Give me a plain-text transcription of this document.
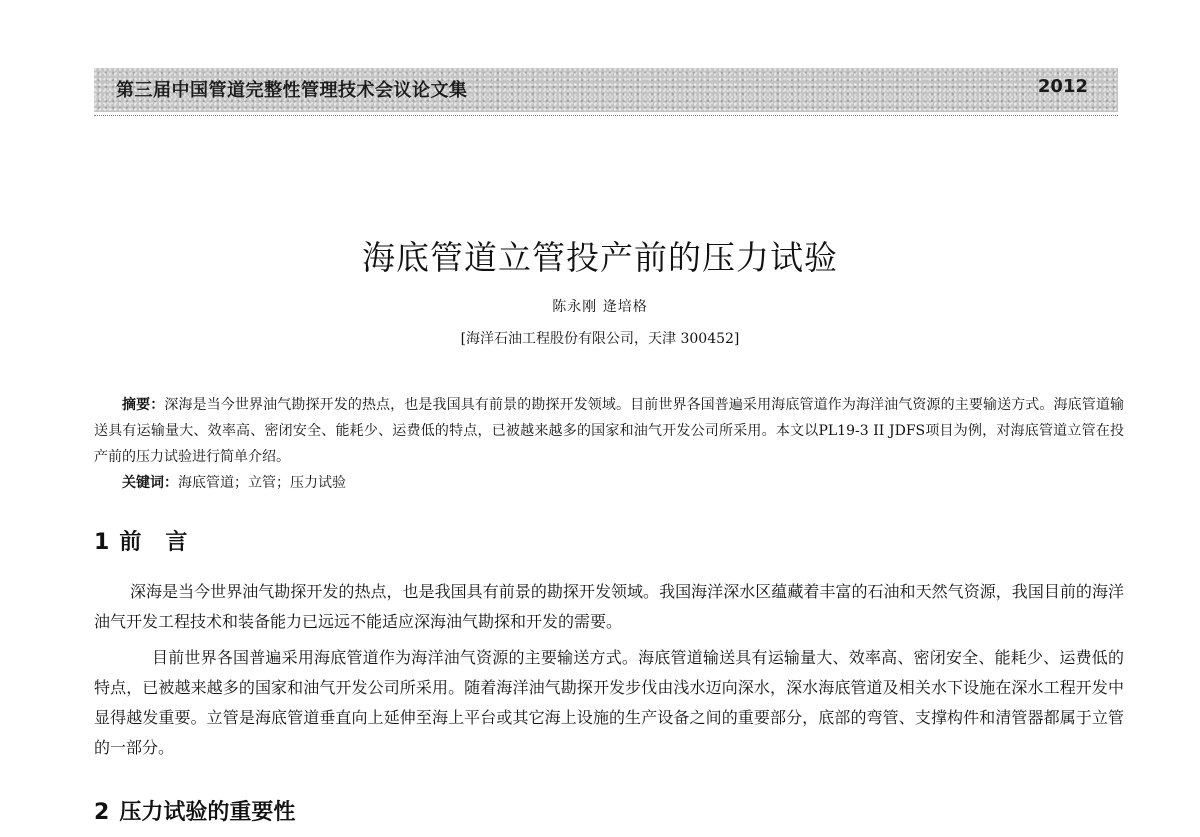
第三届中国管道完整性管理技术会议论文集	2012
海底管道立管投产前的压力试验
陈永刚 逄培格
[海洋石油工程股份有限公司，天津 300452]
摘要：深海是当今世界油气勘探开发的热点，也是我国具有前景的勘探开发领域。目前世界各国普遍采用海底管道作为海洋油气资源的主要输送方式。海底管道输送具有运输量大、效率高、密闭安全、能耗少、运费低的特点，已被越来越多的国家和油气开发公司所采用。本文以PL19-3 II JDFS项目为例，对海底管道立管在投产前的压力试验进行简单介绍。
关键词：海底管道；立管；压力试验
1 前言
深海是当今世界油气勘探开发的热点，也是我国具有前景的勘探开发领域。我国海洋深水区蕴藏着丰富的石油和天然气资源，我国目前的海洋油气开发工程技术和装备能力已远远不能适应深海油气勘探和开发的需要。
目前世界各国普遍采用海底管道作为海洋油气资源的主要输送方式。海底管道输送具有运输量大、效率高、密闭安全、能耗少、运费低的特点，已被越来越多的国家和油气开发公司所采用。随着海洋油气勘探开发步伐由浅水迈向深水，深水海底管道及相关水下设施在深水工程开发中显得越发重要。立管是海底管道垂直向上延伸至海上平台或其它海上设施的生产设备之间的重要部分，底部的弯管、支撑构件和清管器都属于立管的一部分。
2 压力试验的重要性
